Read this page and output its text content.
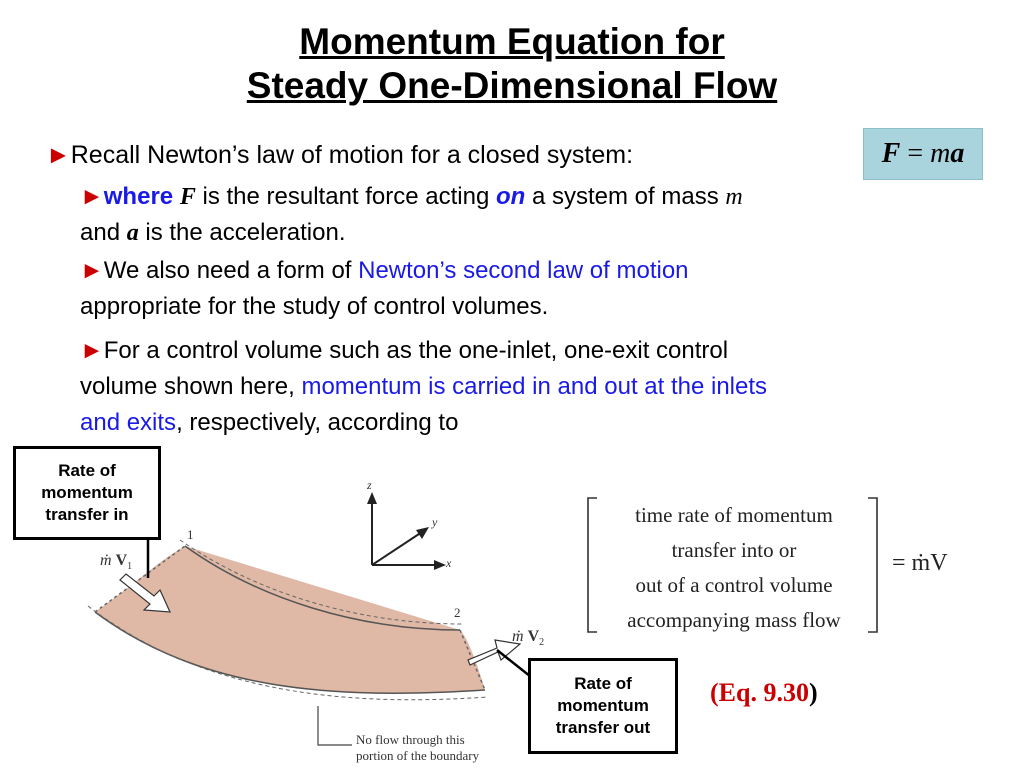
Momentum Equation for
Steady One-Dimensional Flow
►Recall Newton’s law of motion for a closed system:	F = m a
►where F is the resultant force acting on a system of mass m
and a is the acceleration.
►We also need a form of Newton’s second law of motion
appropriate for the study of control volumes.
►For a control volume such as the one-inlet, one-exit control
volume shown here, momentum is carried in and out at the inlets
and exits, respectively, according to
z
y
x
1
2
ṁ $V_1$
ṁ $V_2$
No flow through this
portion of the boundary
time rate of momentum
transfer into or
out of a control volume
accompanying mass flow
= ṁV
Rate of
momentum
transfer in
Rate of
momentum
transfer out
(Eq. 9.30)
